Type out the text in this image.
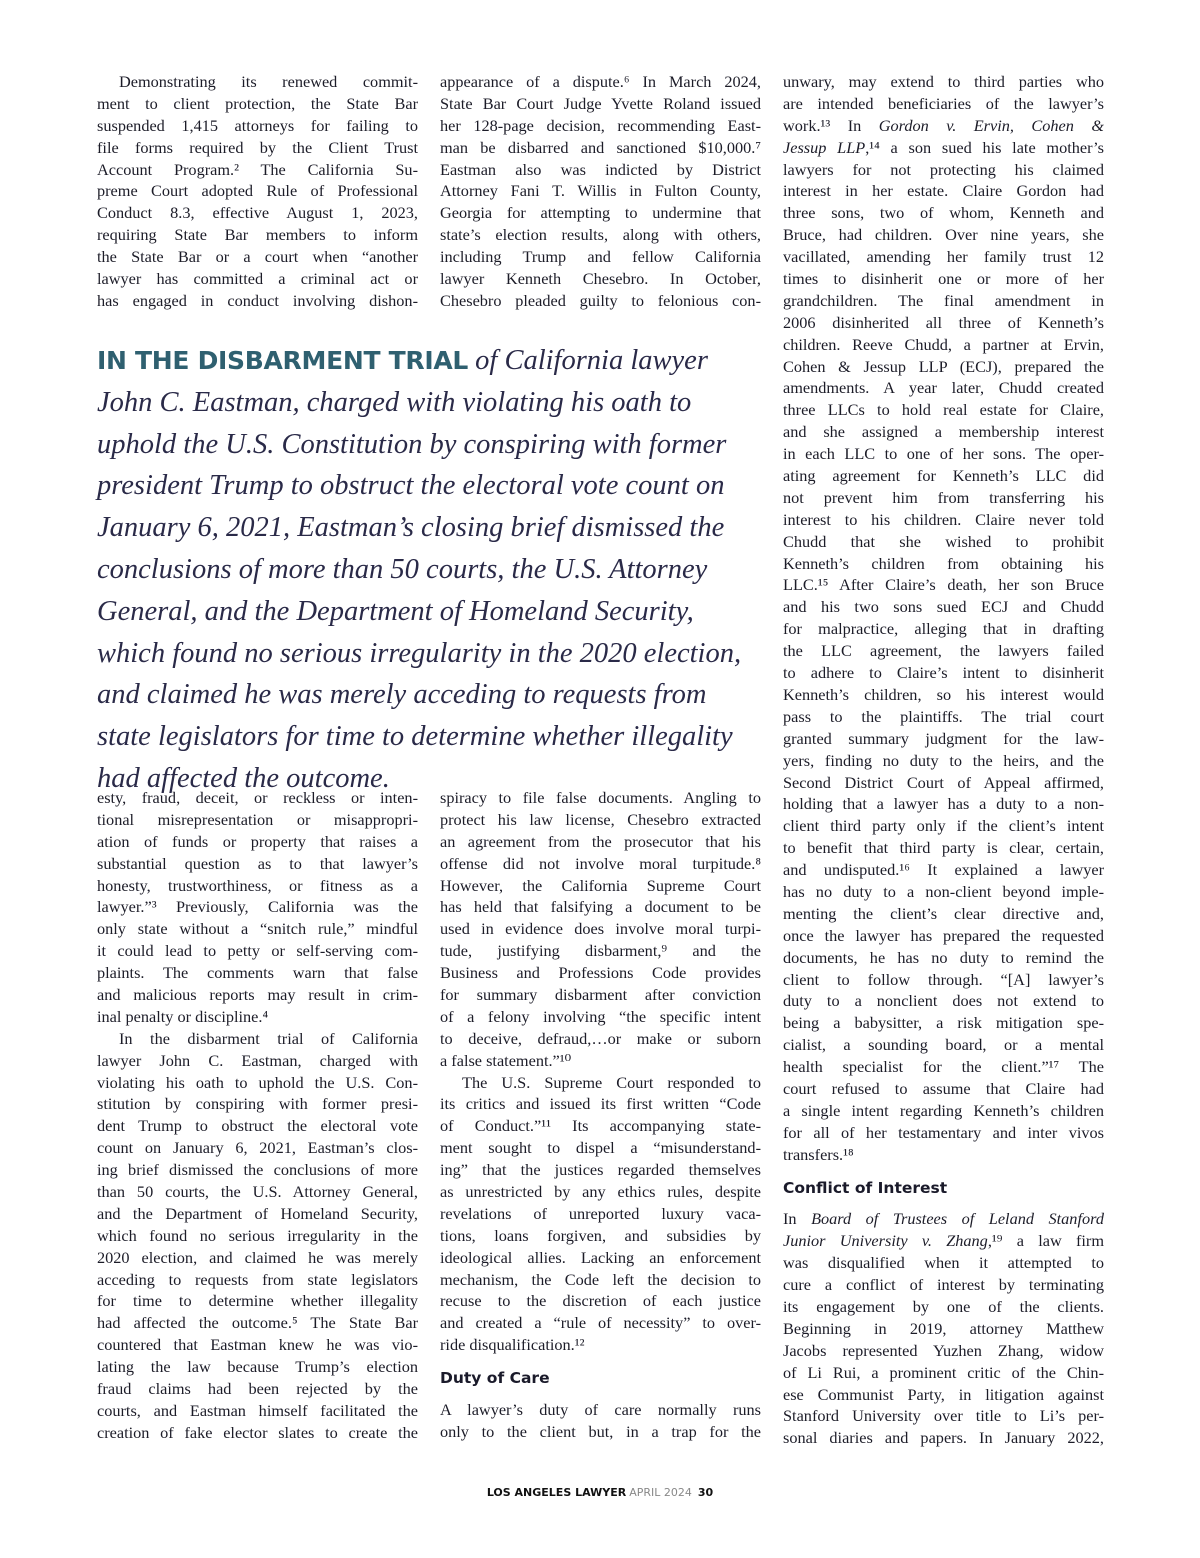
Demonstrating its renewed commit-
ment to client protection, the State Bar
suspended 1,415 attorneys for failing to
file forms required by the Client Trust
Account Program.² The California Su-
preme Court adopted Rule of Professional
Conduct 8.3, effective August 1, 2023,
requiring State Bar members to inform
the State Bar or a court when “another
lawyer has committed a criminal act or
has engaged in conduct involving dishon-
appearance of a dispute.⁶ In March 2024,
State Bar Court Judge Yvette Roland issued
her 128-page decision, recommending East-
man be disbarred and sanctioned $10,000.⁷
Eastman also was indicted by District
Attorney Fani T. Willis in Fulton County,
Georgia for attempting to undermine that
state’s election results, along with others,
including Trump and fellow California
lawyer Kenneth Chesebro. In October,
Chesebro pleaded guilty to felonious con-
IN THE DISBARMENT TRIAL of California lawyer John C. Eastman, charged with violating his oath to uphold the U.S. Constitution by conspiring with former president Trump to obstruct the electoral vote count on January 6, 2021, Eastman’s closing brief dismissed the conclusions of more than 50 courts, the U.S. Attorney General, and the Department of Homeland Security, which found no serious irregularity in the 2020 election, and claimed he was merely acceding to requests from state legislators for time to determine whether illegality had affected the outcome.
esty, fraud, deceit, or reckless or inten-
tional misrepresentation or misappropri-
ation of funds or property that raises a
substantial question as to that lawyer’s
honesty, trustworthiness, or fitness as a
lawyer.”³ Previously, California was the
only state without a “snitch rule,” mindful
it could lead to petty or self-serving com-
plaints. The comments warn that false
and malicious reports may result in crim-
inal penalty or discipline.⁴
In the disbarment trial of California
lawyer John C. Eastman, charged with
violating his oath to uphold the U.S. Con-
stitution by conspiring with former presi-
dent Trump to obstruct the electoral vote
count on January 6, 2021, Eastman’s clos-
ing brief dismissed the conclusions of more
than 50 courts, the U.S. Attorney General,
and the Department of Homeland Security,
which found no serious irregularity in the
2020 election, and claimed he was merely
acceding to requests from state legislators
for time to determine whether illegality
had affected the outcome.⁵ The State Bar
countered that Eastman knew he was vio-
lating the law because Trump’s election
fraud claims had been rejected by the
courts, and Eastman himself facilitated the
creation of fake elector slates to create the
spiracy to file false documents. Angling to
protect his law license, Chesebro extracted
an agreement from the prosecutor that his
offense did not involve moral turpitude.⁸
However, the California Supreme Court
has held that falsifying a document to be
used in evidence does involve moral turpi-
tude, justifying disbarment,⁹ and the
Business and Professions Code provides
for summary disbarment after conviction
of a felony involving “the specific intent
to deceive, defraud,…or make or suborn
a false statement.”¹⁰
The U.S. Supreme Court responded to
its critics and issued its first written “Code
of Conduct.”¹¹ Its accompanying state-
ment sought to dispel a “misunderstand-
ing” that the justices regarded themselves
as unrestricted by any ethics rules, despite
revelations of unreported luxury vaca-
tions, loans forgiven, and subsidies by
ideological allies. Lacking an enforcement
mechanism, the Code left the decision to
recuse to the discretion of each justice
and created a “rule of necessity” to over-
ride disqualification.¹²
Duty of Care
A lawyer’s duty of care normally runs
only to the client but, in a trap for the
unwary, may extend to third parties who
are intended beneficiaries of the lawyer’s
work.¹³ In Gordon v. Ervin, Cohen &
Jessup LLP,¹⁴ a son sued his late mother’s
lawyers for not protecting his claimed
interest in her estate. Claire Gordon had
three sons, two of whom, Kenneth and
Bruce, had children. Over nine years, she
vacillated, amending her family trust 12
times to disinherit one or more of her
grandchildren. The final amendment in
2006 disinherited all three of Kenneth’s
children. Reeve Chudd, a partner at Ervin,
Cohen & Jessup LLP (ECJ), prepared the
amendments. A year later, Chudd created
three LLCs to hold real estate for Claire,
and she assigned a membership interest
in each LLC to one of her sons. The oper-
ating agreement for Kenneth’s LLC did
not prevent him from transferring his
interest to his children. Claire never told
Chudd that she wished to prohibit
Kenneth’s children from obtaining his
LLC.¹⁵ After Claire’s death, her son Bruce
and his two sons sued ECJ and Chudd
for malpractice, alleging that in drafting
the LLC agreement, the lawyers failed
to adhere to Claire’s intent to disinherit
Kenneth’s children, so his interest would
pass to the plaintiffs. The trial court
granted summary judgment for the law-
yers, finding no duty to the heirs, and the
Second District Court of Appeal affirmed,
holding that a lawyer has a duty to a non-
client third party only if the client’s intent
to benefit that third party is clear, certain,
and undisputed.¹⁶ It explained a lawyer
has no duty to a non-client beyond imple-
menting the client’s clear directive and,
once the lawyer has prepared the requested
documents, he has no duty to remind the
client to follow through. “[A] lawyer’s
duty to a nonclient does not extend to
being a babysitter, a risk mitigation spe-
cialist, a sounding board, or a mental
health specialist for the client.”¹⁷ The
court refused to assume that Claire had
a single intent regarding Kenneth’s children
for all of her testamentary and inter vivos
transfers.¹⁸
Conflict of Interest
In Board of Trustees of Leland Stanford
Junior University v. Zhang,¹⁹ a law firm
was disqualified when it attempted to
cure a conflict of interest by terminating
its engagement by one of the clients.
Beginning in 2019, attorney Matthew
Jacobs represented Yuzhen Zhang, widow
of Li Rui, a prominent critic of the Chin-
ese Communist Party, in litigation against
Stanford University over title to Li’s per-
sonal diaries and papers. In January 2022,
LOS ANGELES LAWYER APRIL 2024 30
